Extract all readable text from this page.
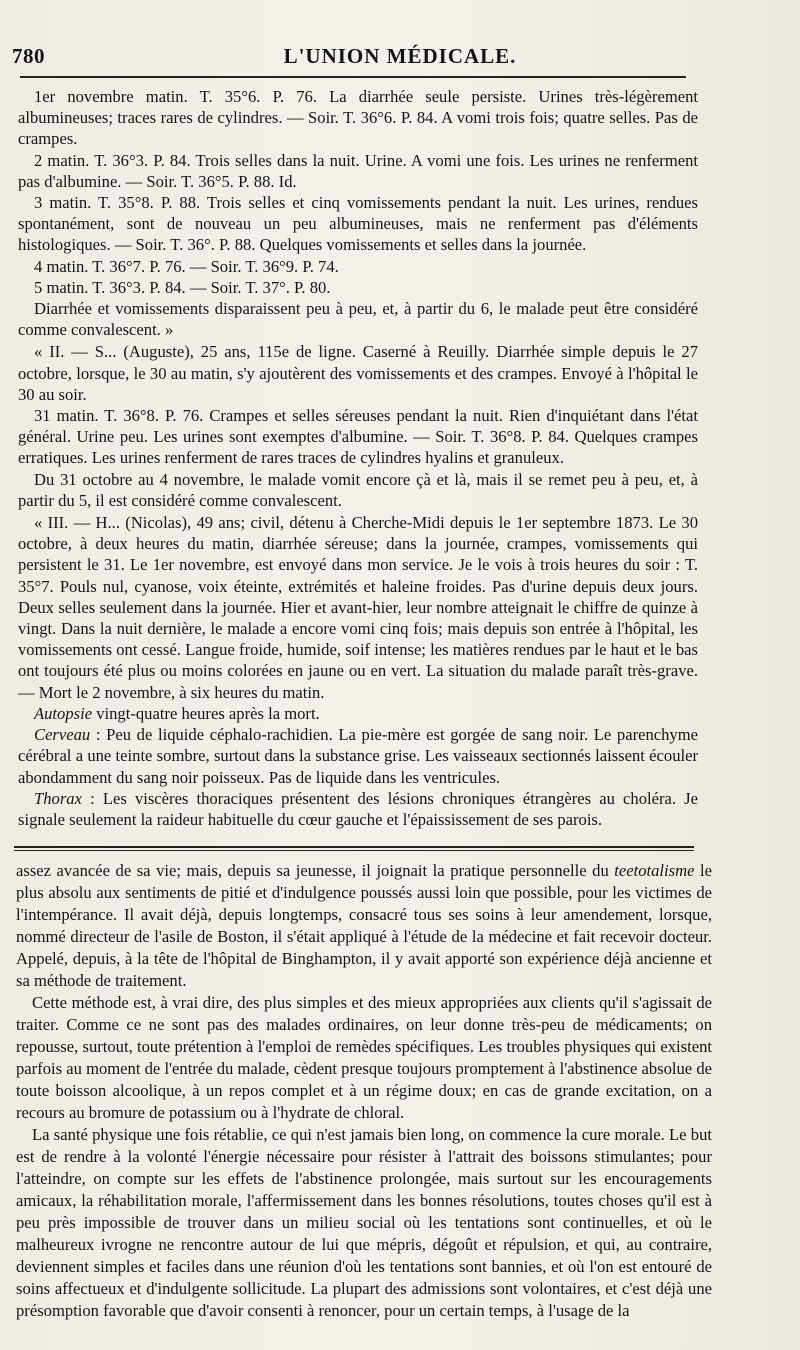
780	L'UNION MÉDICALE.

1er novembre matin. T. 35°6. P. 76. La diarrhée seule persiste. Urines très-légèrement albumineuses; traces rares de cylindres. — Soir. T. 36°6. P. 84. A vomi trois fois; quatre selles. Pas de crampes.

2 matin. T. 36°3. P. 84. Trois selles dans la nuit. Urine. A vomi une fois. Les urines ne renferment pas d'albumine. — Soir. T. 36°5. P. 88. Id.

3 matin. T. 35°8. P. 88. Trois selles et cinq vomissements pendant la nuit. Les urines, rendues spontanément, sont de nouveau un peu albumineuses, mais ne renferment pas d'éléments histologiques. — Soir. T. 36°. P. 88. Quelques vomissements et selles dans la journée.

4 matin. T. 36°7. P. 76. — Soir. T. 36°9. P. 74.

5 matin. T. 36°3. P. 84. — Soir. T. 37°. P. 80.

Diarrhée et vomissements disparaissent peu à peu, et, à partir du 6, le malade peut être considéré comme convalescent. »

« II. — S... (Auguste), 25 ans, 115e de ligne. Caserné à Reuilly. Diarrhée simple depuis le 27 octobre, lorsque, le 30 au matin, s'y ajoutèrent des vomissements et des crampes. Envoyé à l'hôpital le 30 au soir.

31 matin. T. 36°8. P. 76. Crampes et selles séreuses pendant la nuit. Rien d'inquiétant dans l'état général. Urine peu. Les urines sont exemptes d'albumine. — Soir. T. 36°8. P. 84. Quelques crampes erratiques. Les urines renferment de rares traces de cylindres hyalins et granuleux.

Du 31 octobre au 4 novembre, le malade vomit encore çà et là, mais il se remet peu à peu, et, à partir du 5, il est considéré comme convalescent.

« III. — H... (Nicolas), 49 ans; civil, détenu à Cherche-Midi depuis le 1er septembre 1873. Le 30 octobre, à deux heures du matin, diarrhée séreuse; dans la journée, crampes, vomissements qui persistent le 31. Le 1er novembre, est envoyé dans mon service. Je le vois à trois heures du soir : T. 35°7. Pouls nul, cyanose, voix éteinte, extrémités et haleine froides. Pas d'urine depuis deux jours. Deux selles seulement dans la journée. Hier et avant-hier, leur nombre atteignait le chiffre de quinze à vingt. Dans la nuit dernière, le malade a encore vomi cinq fois; mais depuis son entrée à l'hôpital, les vomissements ont cessé. Langue froide, humide, soif intense; les matières rendues par le haut et le bas ont toujours été plus ou moins colorées en jaune ou en vert. La situation du malade paraît très-grave. — Mort le 2 novembre, à six heures du matin.

Autopsie vingt-quatre heures après la mort.

Cerveau : Peu de liquide céphalo-rachidien. La pie-mère est gorgée de sang noir. Le parenchyme cérébral a une teinte sombre, surtout dans la substance grise. Les vaisseaux sectionnés laissent écouler abondamment du sang noir poisseux. Pas de liquide dans les ventricules.

Thorax : Les viscères thoraciques présentent des lésions chroniques étrangères au choléra. Je signale seulement la raideur habituelle du cœur gauche et l'épaississement de ses parois.

assez avancée de sa vie; mais, depuis sa jeunesse, il joignait la pratique personnelle du teetotalisme le plus absolu aux sentiments de pitié et d'indulgence poussés aussi loin que possible, pour les victimes de l'intempérance. Il avait déjà, depuis longtemps, consacré tous ses soins à leur amendement, lorsque, nommé directeur de l'asile de Boston, il s'était appliqué à l'étude de la médecine et fait recevoir docteur. Appelé, depuis, à la tête de l'hôpital de Binghampton, il y avait apporté son expérience déjà ancienne et sa méthode de traitement.

Cette méthode est, à vrai dire, des plus simples et des mieux appropriées aux clients qu'il s'agissait de traiter. Comme ce ne sont pas des malades ordinaires, on leur donne très-peu de médicaments; on repousse, surtout, toute prétention à l'emploi de remèdes spécifiques. Les troubles physiques qui existent parfois au moment de l'entrée du malade, cèdent presque toujours promptement à l'abstinence absolue de toute boisson alcoolique, à un repos complet et à un régime doux; en cas de grande excitation, on a recours au bromure de potassium ou à l'hydrate de chloral.

La santé physique une fois rétablie, ce qui n'est jamais bien long, on commence la cure morale. Le but est de rendre à la volonté l'énergie nécessaire pour résister à l'attrait des boissons stimulantes; pour l'atteindre, on compte sur les effets de l'abstinence prolongée, mais surtout sur les encouragements amicaux, la réhabilitation morale, l'affermissement dans les bonnes résolutions, toutes choses qu'il est à peu près impossible de trouver dans un milieu social où les tentations sont continuelles, et où le malheureux ivrogne ne rencontre autour de lui que mépris, dégoût et répulsion, et qui, au contraire, deviennent simples et faciles dans une réunion d'où les tentations sont bannies, et où l'on est entouré de soins affectueux et d'indulgente sollicitude. La plupart des admissions sont volontaires, et c'est déjà une présomption favorable que d'avoir consenti à renoncer, pour un certain temps, à l'usage de la
